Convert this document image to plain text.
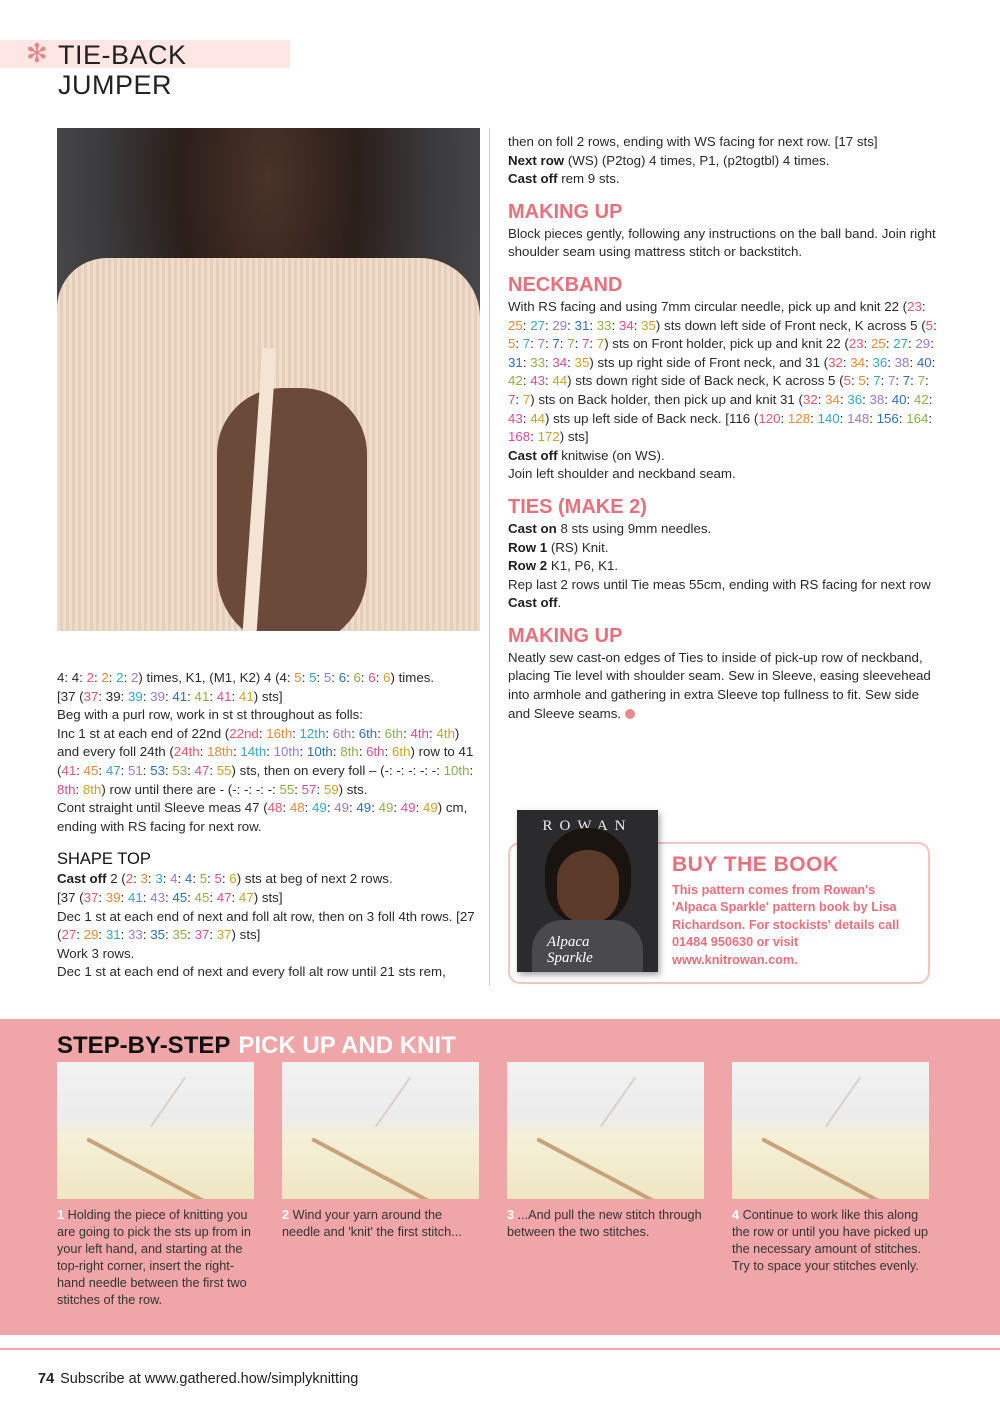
✻ TIE-BACK JUMPER

4: 4: 2: 2: 2: 2) times, K1, (M1, K2) 4 (4: 5: 5: 5: 6: 6: 6: 6) times.
[37 (37: 39: 39: 39: 41: 41: 41: 41) sts]

Beg with a purl row, work in st st throughout as folls:

Inc 1 st at each end of 22nd (22nd: 16th: 12th: 6th: 6th: 6th: 4th: 4th) and every foll 24th (24th: 18th: 14th: 10th: 10th: 8th: 6th: 6th) row to 41 (41: 45: 47: 51: 53: 53: 47: 55) sts, then on every foll – (-: -: -: -: -: 10th: 8th: 8th) row until there are - (-: -: -: -: 55: 57: 59) sts.

Cont straight until Sleeve meas 47 (48: 48: 49: 49: 49: 49: 49: 49) cm, ending with RS facing for next row.

SHAPE TOP

Cast off 2 (2: 3: 3: 4: 4: 5: 5: 6) sts at beg of next 2 rows.

[37 (37: 39: 41: 43: 45: 45: 47: 47) sts]

Dec 1 st at each end of next and foll alt row, then on 3 foll 4th rows. [27 (27: 29: 31: 33: 35: 35: 37: 37) sts]

Work 3 rows.

Dec 1 st at each end of next and every foll alt row until 21 sts rem,

then on foll 2 rows, ending with WS facing for next row. [17 sts]

Next row (WS) (P2tog) 4 times, P1, (p2togtbl) 4 times.

Cast off rem 9 sts.

MAKING UP

Block pieces gently, following any instructions on the ball band. Join right shoulder seam using mattress stitch or backstitch.

NECKBAND

With RS facing and using 7mm circular needle, pick up and knit 22 (23: 25: 27: 29: 31: 33: 34: 35) sts down left side of Front neck, K across 5 (5: 5: 7: 7: 7: 7: 7: 7) sts on Front holder, pick up and knit 22 (23: 25: 27: 29: 31: 33: 34: 35) sts up right side of Front neck, and 31 (32: 34: 36: 38: 40: 42: 43: 44) sts down right side of Back neck, K across 5 (5: 5: 7: 7: 7: 7: 7: 7) sts on Back holder, then pick up and knit 31 (32: 34: 36: 38: 40: 42: 43: 44) sts up left side of Back neck. [116 (120: 128: 140: 148: 156: 164: 168: 172) sts]

Cast off knitwise (on WS).

Join left shoulder and neckband seam.

TIES (MAKE 2)

Cast on 8 sts using 9mm needles.

Row 1 (RS) Knit.

Row 2 K1, P6, K1.

Rep last 2 rows until Tie meas 55cm, ending with RS facing for next row

Cast off.

MAKING UP

Neatly sew cast-on edges of Ties to inside of pick-up row of neckband, placing Tie level with shoulder seam. Sew in Sleeve, easing sleevehead into armhole and gathering in extra Sleeve top fullness to fit. Sew side and Sleeve seams.

ROWAN
Alpaca
Sparkle
BUY THE BOOK
This pattern comes from Rowan's 'Alpaca Sparkle' pattern book by Lisa Richardson. For stockists' details call 01484 950630 or visit www.knitrowan.com.
STEP-BY-STEP PICK UP AND KNIT
1 Holding the piece of knitting you are going to pick the sts up from in your left hand, and starting at the top-right corner, insert the right-hand needle between the first two stitches of the row.
2 Wind your yarn around the needle and 'knit' the first stitch...
3 ...And pull the new stitch through between the two stitches.
4 Continue to work like this along the row or until you have picked up the necessary amount of stitches. Try to space your stitches evenly.
74 Subscribe at www.gathered.how/simplyknitting
